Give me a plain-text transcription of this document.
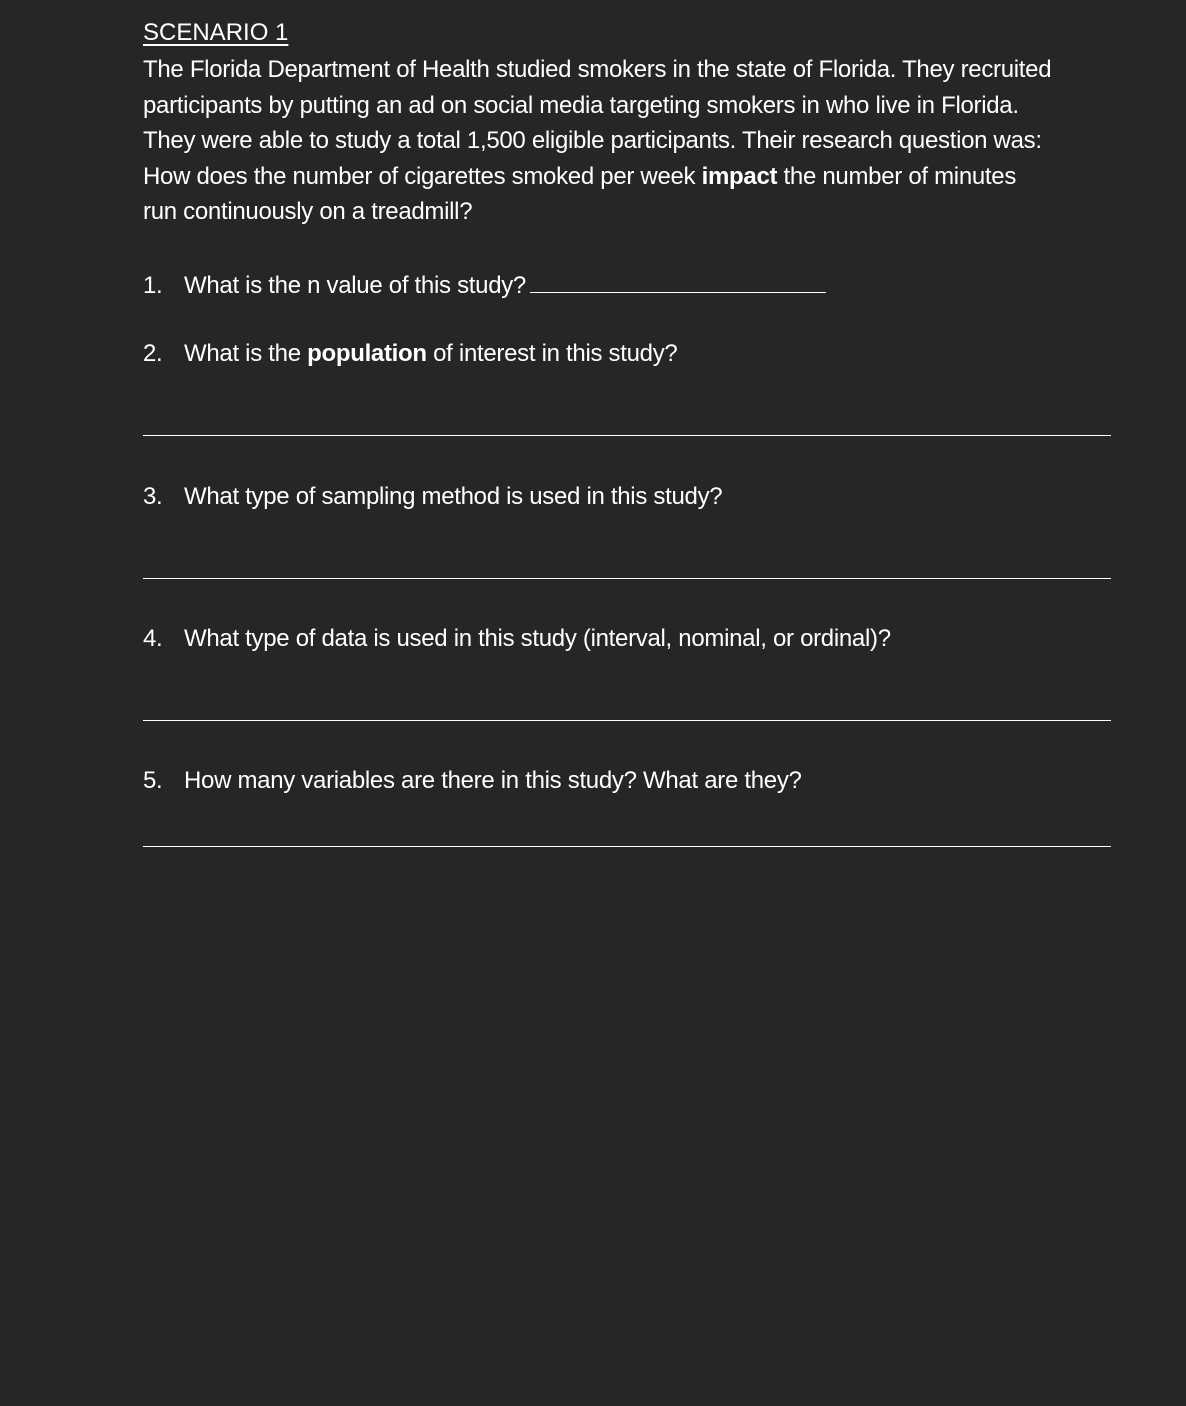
SCENARIO 1
The Florida Department of Health studied smokers in the state of Florida. They recruited
participants by putting an ad on social media targeting smokers in who live in Florida.
They were able to study a total 1,500 eligible participants. Their research question was:
How does the number of cigarettes smoked per week impact the number of minutes
run continuously on a treadmill?
1. What is the n value of this study?
2. What is the population of interest in this study?
3. What type of sampling method is used in this study?
4. What type of data is used in this study (interval, nominal, or ordinal)?
5. How many variables are there in this study? What are they?
